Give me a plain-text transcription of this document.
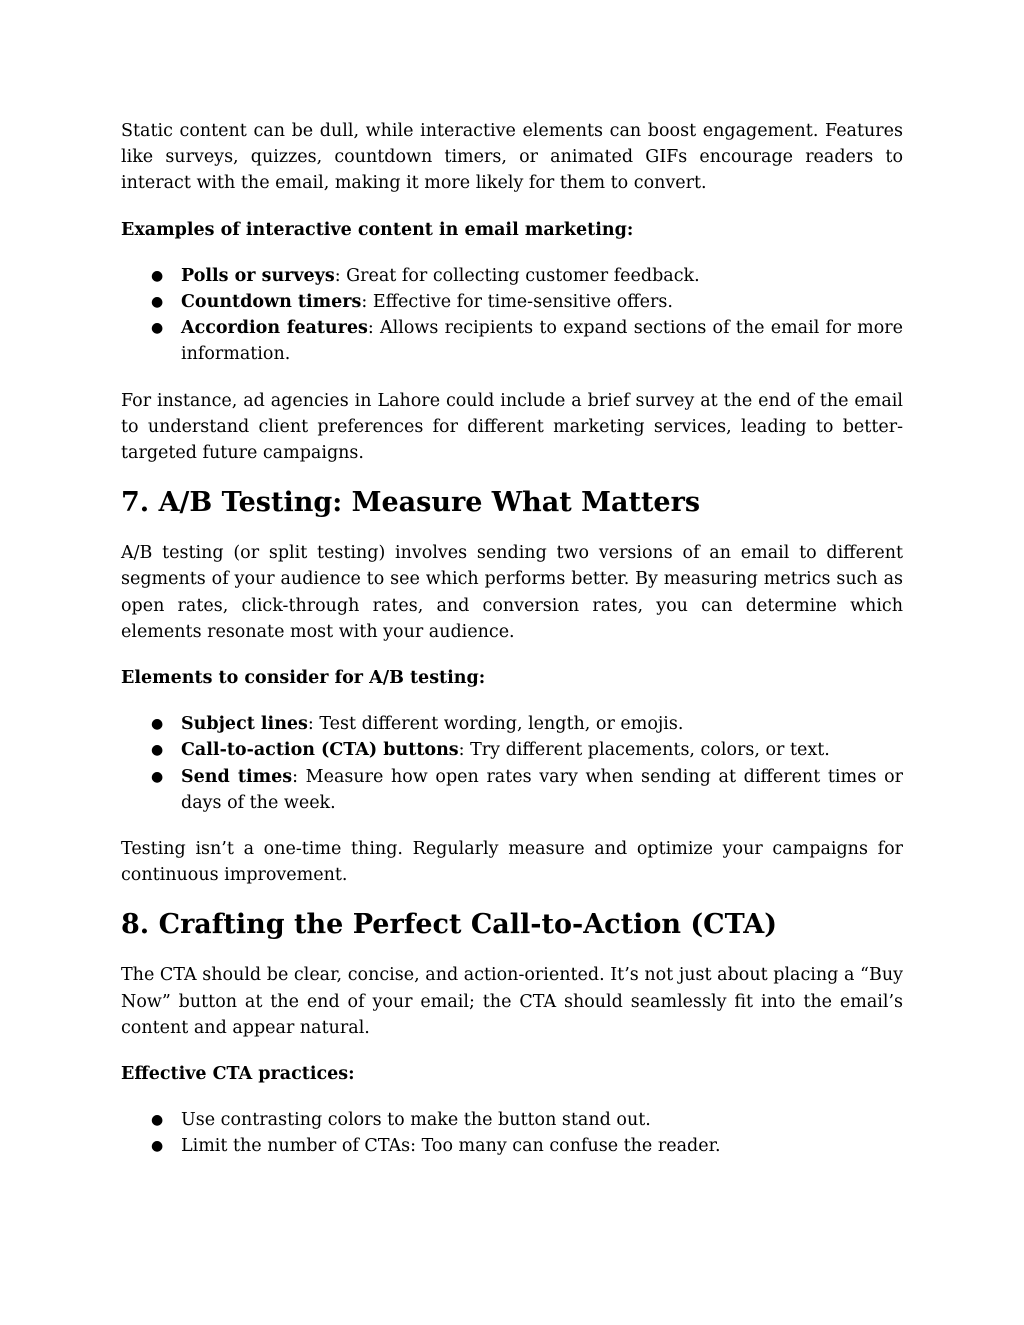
Static content can be dull, while interactive elements can boost engagement. Features like surveys, quizzes, countdown timers, or animated GIFs encourage readers to interact with the email, making it more likely for them to convert.

Examples of interactive content in email marketing:

● Polls or surveys: Great for collecting customer feedback.
● Countdown timers: Effective for time-sensitive offers.
● Accordion features: Allows recipients to expand sections of the email for more information.

For instance, ad agencies in Lahore could include a brief survey at the end of the email to understand client preferences for different marketing services, leading to better-targeted future campaigns.

7. A/B Testing: Measure What Matters

A/B testing (or split testing) involves sending two versions of an email to different segments of your audience to see which performs better. By measuring metrics such as open rates, click-through rates, and conversion rates, you can determine which elements resonate most with your audience.

Elements to consider for A/B testing:

● Subject lines: Test different wording, length, or emojis.
● Call-to-action (CTA) buttons: Try different placements, colors, or text.
● Send times: Measure how open rates vary when sending at different times or days of the week.

Testing isn’t a one-time thing. Regularly measure and optimize your campaigns for continuous improvement.

8. Crafting the Perfect Call-to-Action (CTA)

The CTA should be clear, concise, and action-oriented. It’s not just about placing a “Buy Now” button at the end of your email; the CTA should seamlessly fit into the email’s content and appear natural.

Effective CTA practices:

● Use contrasting colors to make the button stand out.
● Limit the number of CTAs: Too many can confuse the reader.
